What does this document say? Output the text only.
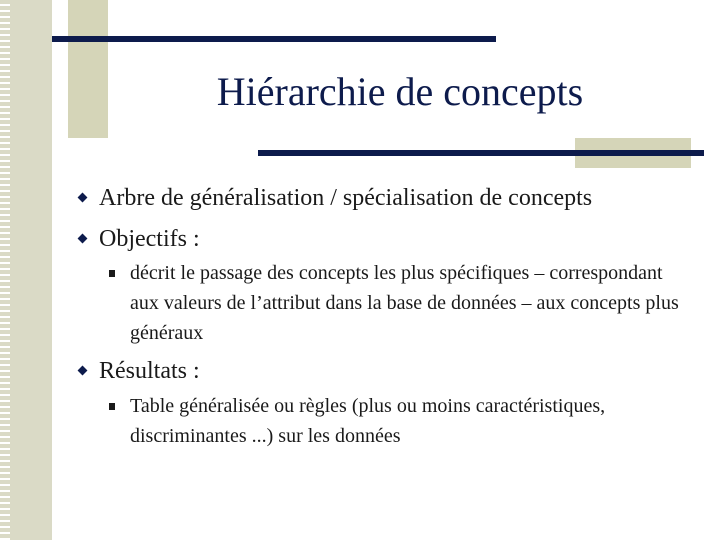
Hiérarchie de concepts
Arbre de généralisation / spécialisation de concepts
Objectifs :
décrit le passage des concepts les plus spécifiques – correspondant aux valeurs de l’attribut dans la base de données – aux concepts plus généraux
Résultats :
Table généralisée ou règles (plus ou moins caractéristiques, discriminantes ...) sur les données
